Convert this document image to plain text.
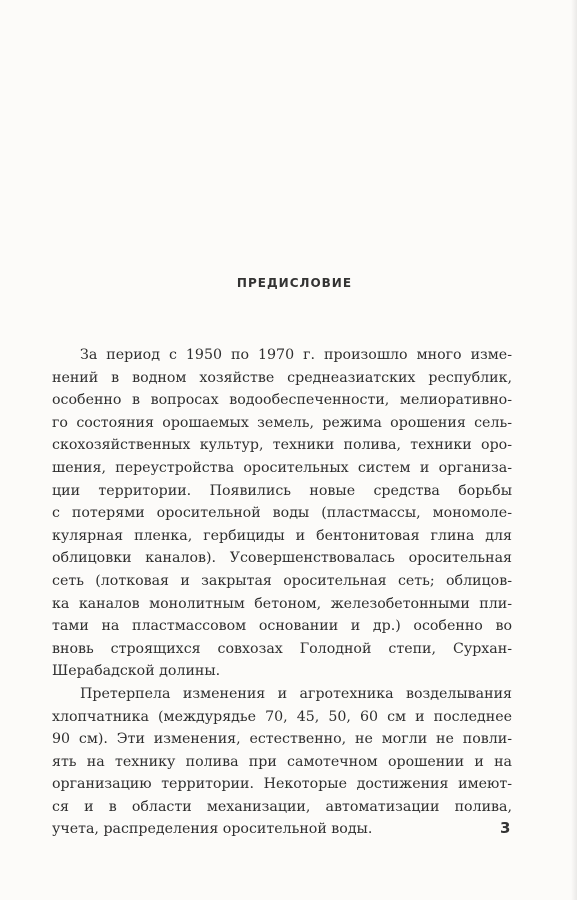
ПРЕДИСЛОВИЕ
За период с 1950 по 1970 г. произошло много изме-
нений в водном хозяйстве среднеазиатских республик,
особенно в вопросах водообеспеченности, мелиоративно-
го состояния орошаемых земель, режима орошения сель-
скохозяйственных культур, техники полива, техники оро-
шения, переустройства оросительных систем и организа-
ции территории. Появились новые средства борьбы
с потерями оросительной воды (пластмассы, мономоле-
кулярная пленка, гербициды и бентонитовая глина для
облицовки каналов). Усовершенствовалась оросительная
сеть (лотковая и закрытая оросительная сеть; облицов-
ка каналов монолитным бетоном, железобетонными пли-
тами на пластмассовом основании и др.) особенно во
вновь строящихся совхозах Голодной степи, Сурхан-
Шерабадской долины.
Претерпела изменения и агротехника возделывания
хлопчатника (междурядье 70, 45, 50, 60 см и последнее
90 см). Эти изменения, естественно, не могли не повли-
ять на технику полива при самотечном орошении и на
организацию территории. Некоторые достижения имеют-
ся и в области механизации, автоматизации полива,
учета, распределения оросительной воды.	3
